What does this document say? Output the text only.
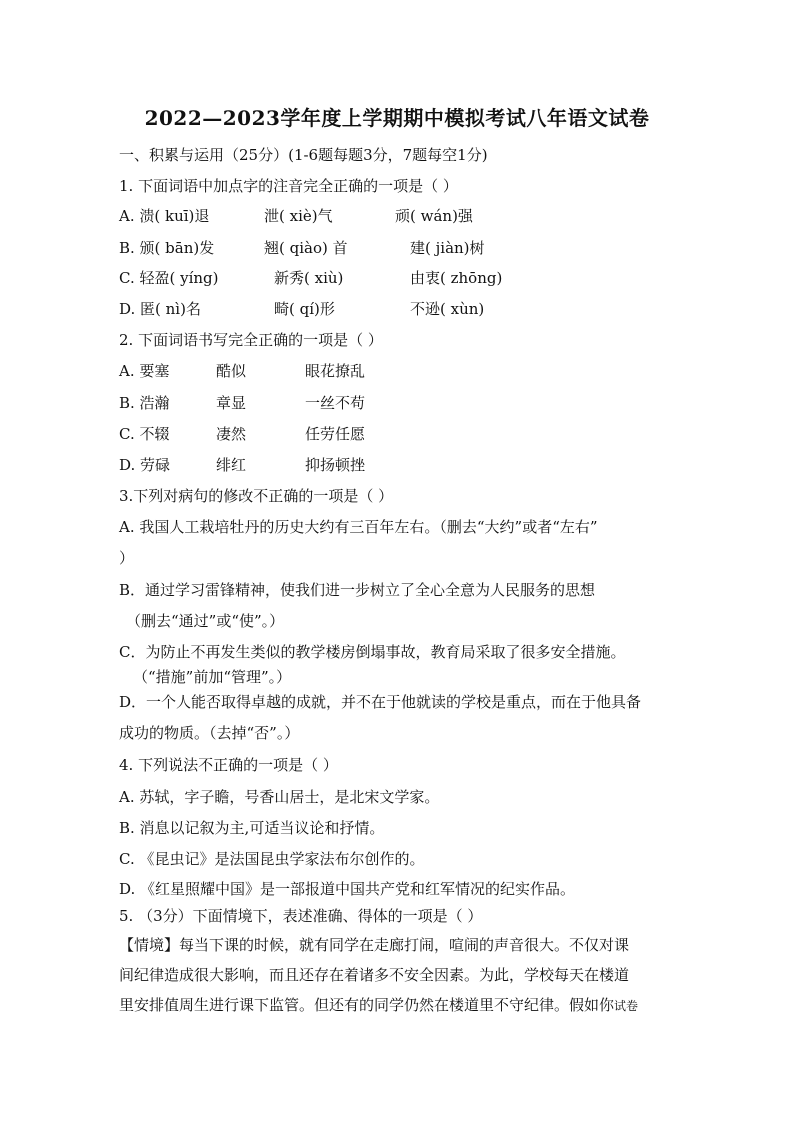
2022—2023学年度上学期期中模拟考试八年语文试卷
一、积累与运用（25分）(1-6题每题3分，7题每空1分)
1. 下面词语中加点字的注音完全正确的一项是（ ）
A. 溃( kuī)退	泄( xiè)气	顽( wán)强
B. 颁( bān)发	翘( qiào) 首	建( jiàn)树
C. 轻盈( yíng)	新秀( xiù)	由衷( zhōng)
D. 匿( nì)名	畸( qí)形	不逊( xùn)
2. 下面词语书写完全正确的一项是（ ）
A. 要塞	酷似	眼花撩乱
B. 浩瀚	章显	一丝不苟
C. 不辍	凄然	任劳任愿
D. 劳碌	绯红	抑扬顿挫
3.下列对病句的修改不正确的一项是（ ）
A. 我国人工栽培牡丹的历史大约有三百年左右。（删去“大约”或者“左右”
）
B．通过学习雷锋精神，使我们进一步树立了全心全意为人民服务的思想
（删去“通过”或“使”。）
C．为防止不再发生类似的教学楼房倒塌事故，教育局采取了很多安全措施。
（“措施”前加“管理”。）
D．一个人能否取得卓越的成就，并不在于他就读的学校是重点，而在于他具备
成功的物质。（去掉“否”。）
4. 下列说法不正确的一项是（ ）
A. 苏轼，字子瞻，号香山居士，是北宋文学家。
B. 消息以记叙为主,可适当议论和抒情。
C. 《昆虫记》是法国昆虫学家法布尔创作的。
D. 《红星照耀中国》是一部报道中国共产党和红军情况的纪实作品。
5. （3分）下面情境下，表述准确、得体的一项是（ ）
【情境】每当下课的时候，就有同学在走廊打闹，喧闹的声音很大。不仅对课
间纪律造成很大影响，而且还存在着诸多不安全因素。为此，学校每天在楼道
里安排值周生进行课下监管。但还有的同学仍然在楼道里不守纪律。假如你试卷
